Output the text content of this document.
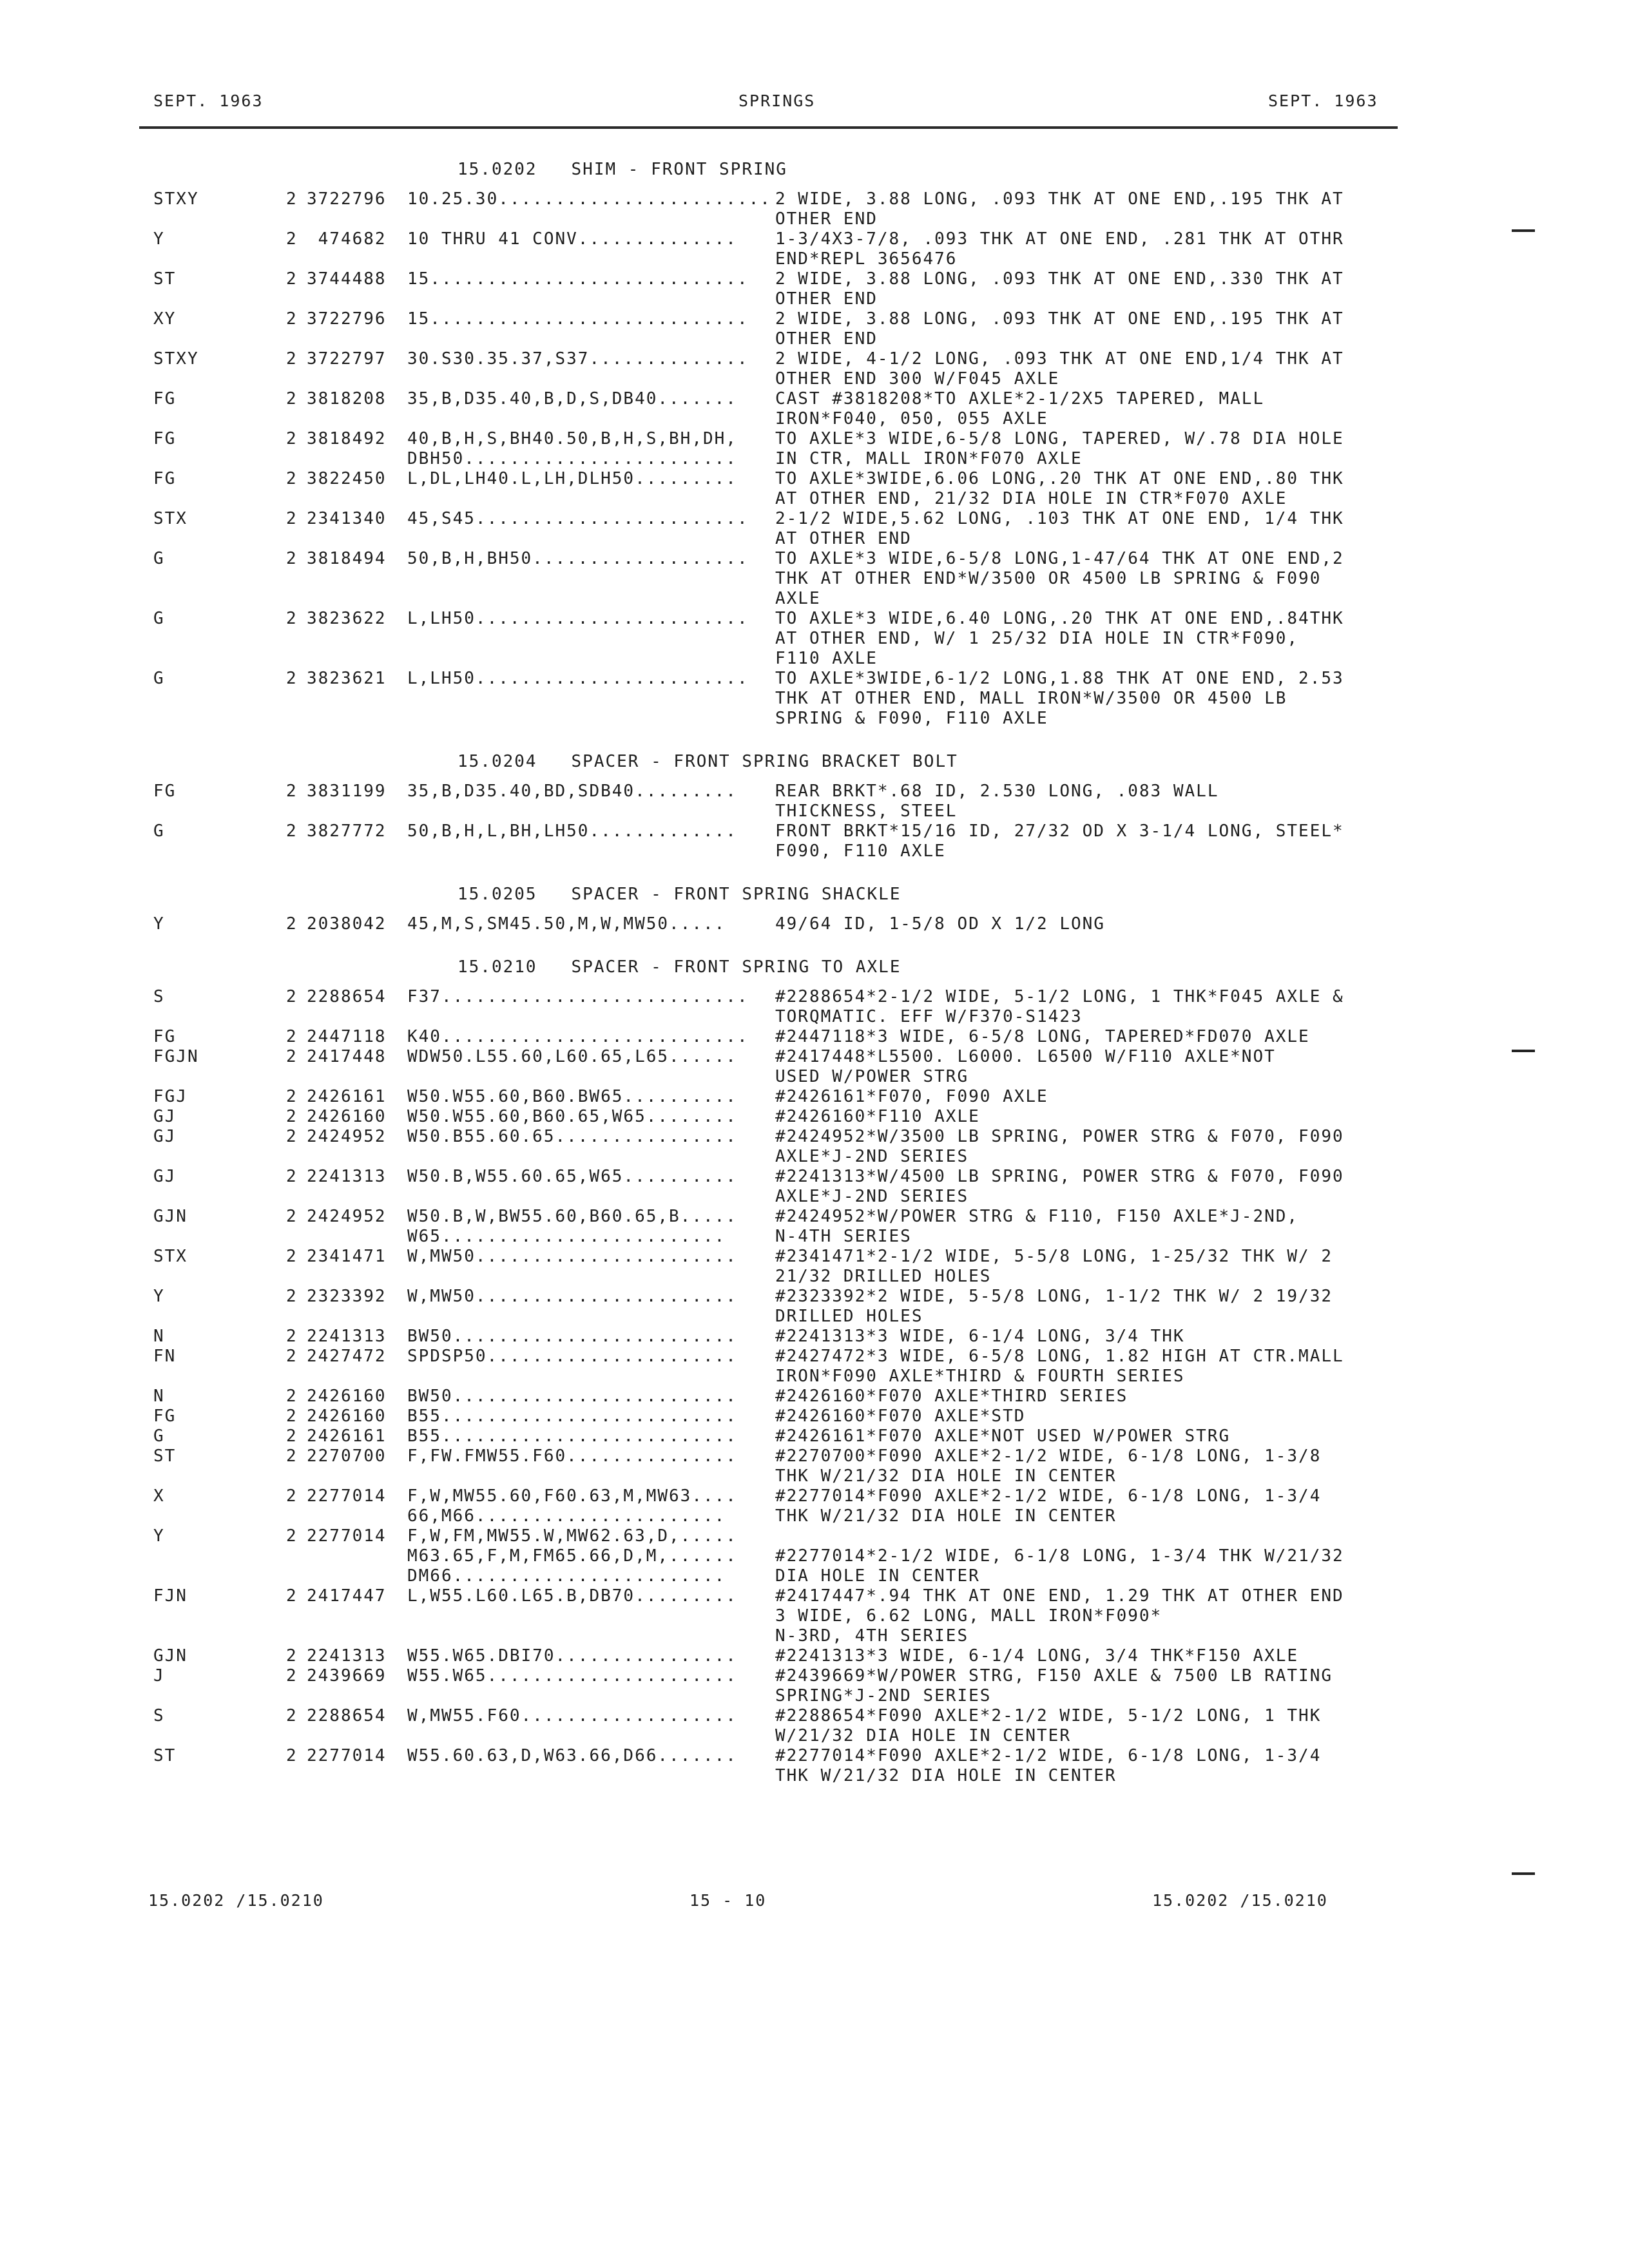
SEPT. 1963	SPRINGS	SEPT. 1963
15.0202   SHIM - FRONT SPRING
STXY	2 3722796 10.25.30........................ 2 WIDE, 3.88 LONG, .093 THK AT ONE END,.195 THK AT
OTHER END
Y	2 474682 10 THRU 41 CONV.............. 1-3/4X3-7/8, .093 THK AT ONE END, .281 THK AT OTHR
END*REPL 3656476
ST	2 3744488 15............................ 2 WIDE, 3.88 LONG, .093 THK AT ONE END,.330 THK AT
OTHER END
XY	2 3722796 15............................ 2 WIDE, 3.88 LONG, .093 THK AT ONE END,.195 THK AT
OTHER END
STXY	2 3722797 30.S30.35.37,S37.............. 2 WIDE, 4-1/2 LONG, .093 THK AT ONE END,1/4 THK AT
OTHER END 300 W/F045 AXLE
FG	2 3818208 35,B,D35.40,B,D,S,DB40....... CAST #3818208*TO AXLE*2-1/2X5 TAPERED, MALL
IRON*F040, 050, 055 AXLE
FG	2 3818492 40,B,H,S,BH40.50,B,H,S,BH,DH, TO AXLE*3 WIDE,6-5/8 LONG, TAPERED, W/.78 DIA HOLE
DBH50........................ IN CTR, MALL IRON*F070 AXLE
FG	2 3822450 L,DL,LH40.L,LH,DLH50......... TO AXLE*3WIDE,6.06 LONG,.20 THK AT ONE END,.80 THK
AT OTHER END, 21/32 DIA HOLE IN CTR*F070 AXLE
STX	2 2341340 45,S45........................ 2-1/2 WIDE,5.62 LONG, .103 THK AT ONE END, 1/4 THK
AT OTHER END
G	2 3818494 50,B,H,BH50................... TO AXLE*3 WIDE,6-5/8 LONG,1-47/64 THK AT ONE END,2
THK AT OTHER END*W/3500 OR 4500 LB SPRING & F090
AXLE
G	2 3823622 L,LH50........................ TO AXLE*3 WIDE,6.40 LONG,.20 THK AT ONE END,.84THK
AT OTHER END, W/ 1 25/32 DIA HOLE IN CTR*F090,
F110 AXLE
G	2 3823621 L,LH50........................ TO AXLE*3WIDE,6-1/2 LONG,1.88 THK AT ONE END, 2.53
THK AT OTHER END, MALL IRON*W/3500 OR 4500 LB
SPRING & F090, F110 AXLE
15.0204   SPACER - FRONT SPRING BRACKET BOLT
FG	2 3831199 35,B,D35.40,BD,SDB40......... REAR BRKT*.68 ID, 2.530 LONG, .083 WALL
THICKNESS, STEEL
G	2 3827772 50,B,H,L,BH,LH50............. FRONT BRKT*15/16 ID, 27/32 OD X 3-1/4 LONG, STEEL*
F090, F110 AXLE
15.0205   SPACER - FRONT SPRING SHACKLE
Y	2 2038042 45,M,S,SM45.50,M,W,MW50.....	49/64 ID, 1-5/8 OD X 1/2 LONG
15.0210   SPACER - FRONT SPRING TO AXLE
S	2 2288654 F37........................... #2288654*2-1/2 WIDE, 5-1/2 LONG, 1 THK*F045 AXLE &
TORQMATIC. EFF W/F370-S1423
FG	2 2447118 K40........................... #2447118*3 WIDE, 6-5/8 LONG, TAPERED*FD070 AXLE
FGJN	2 2417448 WDW50.L55.60,L60.65,L65...... #2417448*L5500. L6000. L6500 W/F110 AXLE*NOT
USED W/POWER STRG
FGJ	2 2426161 W50.W55.60,B60.BW65.......... #2426161*F070, F090 AXLE
GJ	2 2426160 W50.W55.60,B60.65,W65........ #2426160*F110 AXLE
GJ	2 2424952 W50.B55.60.65................ #2424952*W/3500 LB SPRING, POWER STRG & F070, F090
AXLE*J-2ND SERIES
GJ	2 2241313 W50.B,W55.60.65,W65.......... #2241313*W/4500 LB SPRING, POWER STRG & F070, F090
AXLE*J-2ND SERIES
GJN	2 2424952 W50.B,W,BW55.60,B60.65,B..... #2424952*W/POWER STRG & F110, F150 AXLE*J-2ND,
W65.........................	N-4TH SERIES
STX	2 2341471 W,MW50....................... #2341471*2-1/2 WIDE, 5-5/8 LONG, 1-25/32 THK W/ 2
21/32 DRILLED HOLES
Y	2 2323392 W,MW50....................... #2323392*2 WIDE, 5-5/8 LONG, 1-1/2 THK W/ 2 19/32
DRILLED HOLES
N	2 2241313 BW50......................... #2241313*3 WIDE, 6-1/4 LONG, 3/4 THK
FN	2 2427472 SPDSP50...................... #2427472*3 WIDE, 6-5/8 LONG, 1.82 HIGH AT CTR.MALL
IRON*F090 AXLE*THIRD & FOURTH SERIES
N	2 2426160 BW50......................... #2426160*F070 AXLE*THIRD SERIES
FG	2 2426160 B55.......................... #2426160*F070 AXLE*STD
G	2 2426161 B55.......................... #2426161*F070 AXLE*NOT USED W/POWER STRG
ST	2 2270700 F,FW.FMW55.F60............... #2270700*F090 AXLE*2-1/2 WIDE, 6-1/8 LONG, 1-3/8
THK W/21/32 DIA HOLE IN CENTER
X	2 2277014 F,W,MW55.60,F60.63,M,MW63.... #2277014*F090 AXLE*2-1/2 WIDE, 6-1/8 LONG, 1-3/4
66,M66......................	THK W/21/32 DIA HOLE IN CENTER
Y	2 2277014 F,W,FM,MW55.W,MW62.63,D,.....
M63.65,F,M,FM65.66,D,M,...... #2277014*2-1/2 WIDE, 6-1/8 LONG, 1-3/4 THK W/21/32
DM66........................	DIA HOLE IN CENTER
FJN	2 2417447 L,W55.L60.L65.B,DB70......... #2417447*.94 THK AT ONE END, 1.29 THK AT OTHER END
3 WIDE, 6.62 LONG, MALL IRON*F090*
N-3RD, 4TH SERIES
GJN	2 2241313 W55.W65.DBI70................ #2241313*3 WIDE, 6-1/4 LONG, 3/4 THK*F150 AXLE
J	2 2439669 W55.W65...................... #2439669*W/POWER STRG, F150 AXLE & 7500 LB RATING
SPRING*J-2ND SERIES
S	2 2288654 W,MW55.F60................... #2288654*F090 AXLE*2-1/2 WIDE, 5-1/2 LONG, 1 THK
W/21/32 DIA HOLE IN CENTER
ST	2 2277014 W55.60.63,D,W63.66,D66....... #2277014*F090 AXLE*2-1/2 WIDE, 6-1/8 LONG, 1-3/4
THK W/21/32 DIA HOLE IN CENTER
15.0202 /15.0210	15 - 10	15.0202 /15.0210
